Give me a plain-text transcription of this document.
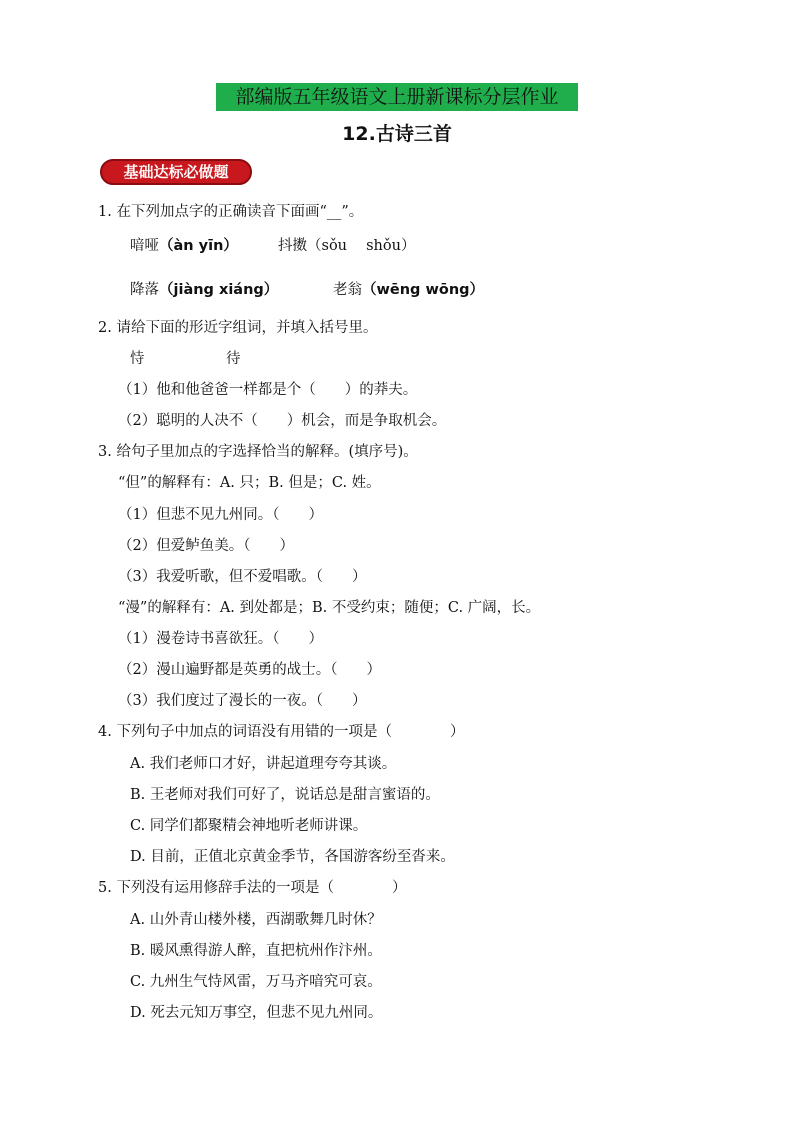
部编版五年级语文上册新课标分层作业
12.古诗三首
基础达标必做题
1. 在下列加点字的正确读音下面画“__”。
喑哑（àn yīn）	抖擞（sǒu　 shǒu）
降落（jiàng xiáng）	老翁（wēng wōng）
2. 请给下面的形近字组词，并填入括号里。
恃	待
（1）他和他爸爸一样都是个（　　）的莽夫。
（2）聪明的人决不（　　）机会，而是争取机会。
3. 给句子里加点的字选择恰当的解释。(填序号)。
“但”的解释有：A. 只；B. 但是；C. 姓。
（1）但悲不见九州同。（　　）
（2）但爱鲈鱼美。（　　）
（3）我爱听歌，但不爱唱歌。（　　）
“漫”的解释有：A. 到处都是；B. 不受约束；随便；C. 广阔，长。
（1）漫卷诗书喜欲狂。（　　）
（2）漫山遍野都是英勇的战士。（　　）
（3）我们度过了漫长的一夜。（　　）
4. 下列句子中加点的词语没有用错的一项是（　　　　）
A. 我们老师口才好，讲起道理夸夸其谈。
B. 王老师对我们可好了，说话总是甜言蜜语的。
C. 同学们都聚精会神地听老师讲课。
D. 目前，正值北京黄金季节，各国游客纷至沓来。
5. 下列没有运用修辞手法的一项是（　　　　）
A. 山外青山楼外楼，西湖歌舞几时休？
B. 暖风熏得游人醉，直把杭州作汴州。
C. 九州生气恃风雷，万马齐喑究可哀。
D. 死去元知万事空，但悲不见九州同。
